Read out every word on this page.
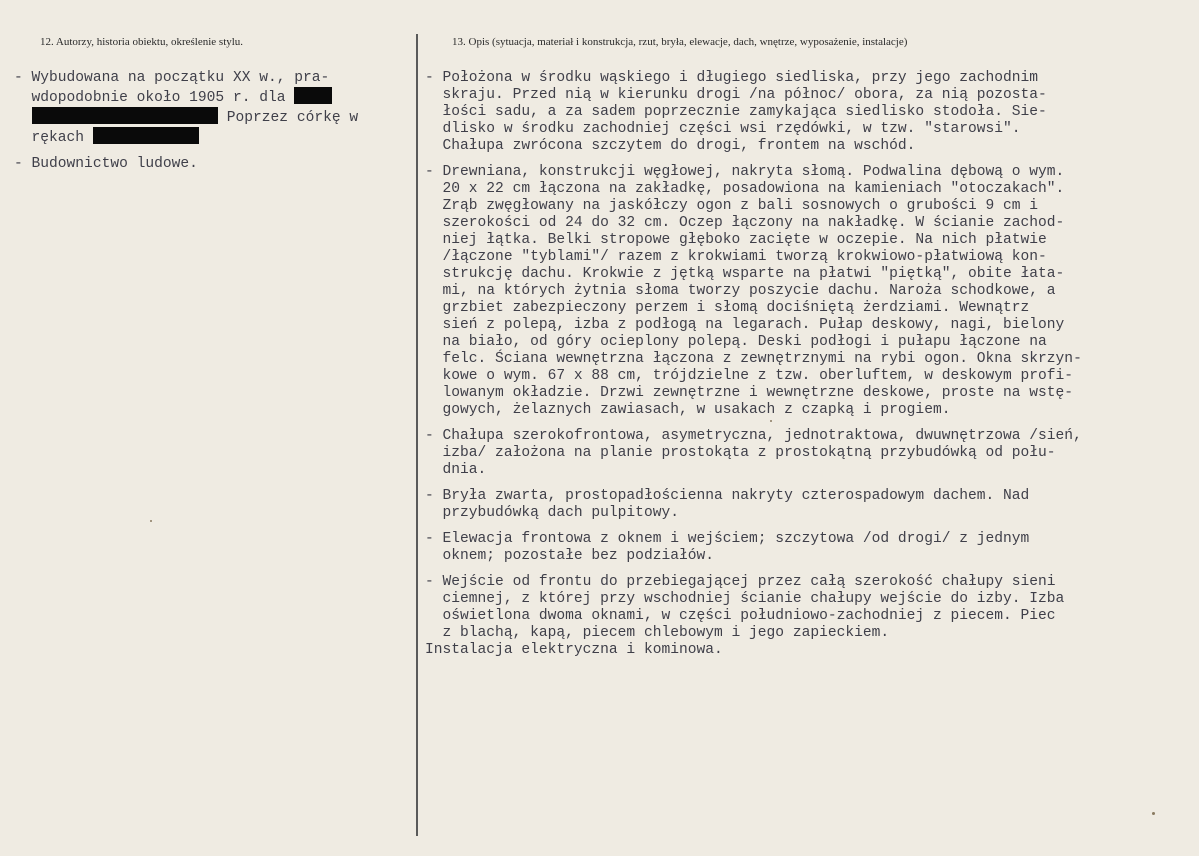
12. Autorzy, historia obiektu, określenie stylu.	13. Opis (sytuacja, materiał i konstrukcja, rzut, bryła, elewacje, dach, wnętrze, wyposażenie, instalacje)
- Wybudowana na początku XX w., pra-
wdopodobnie około 1905 r. dla
Poprzez córkę w
rękach
- Budownictwo ludowe.
- Położona w środku wąskiego i długiego siedliska, przy jego zachodnim
skraju. Przed nią w kierunku drogi /na północ/ obora, za nią pozosta-
łości sadu, a za sadem poprzecznie zamykająca siedlisko stodoła. Sie-
dlisko w środku zachodniej części wsi rzędówki, w tzw. "starowsi".
Chałupa zwrócona szczytem do drogi, frontem na wschód.
- Drewniana, konstrukcji węgłowej, nakryta słomą. Podwalina dębową o wym.
20 x 22 cm łączona na zakładkę, posadowiona na kamieniach "otoczakach".
Zrąb zwęgłowany na jaskółczy ogon z bali sosnowych o grubości 9 cm i
szerokości od 24 do 32 cm. Oczep łączony na nakładkę. W ścianie zachod-
niej łątka. Belki stropowe głęboko zacięte w oczepie. Na nich płatwie
/łączone "tyblami"/ razem z krokwiami tworzą krokwiowo-płatwiową kon-
strukcję dachu. Krokwie z jętką wsparte na płatwi "piętką", obite łata-
mi, na których żytnia słoma tworzy poszycie dachu. Naroża schodkowe, a
grzbiet zabezpieczony perzem i słomą dociśniętą żerdziami. Wewnątrz
sień z polepą, izba z podłogą na legarach. Pułap deskowy, nagi, bielony
na biało, od góry ocieplony polepą. Deski podłogi i pułapu łączone na
felc. Ściana wewnętrzna łączona z zewnętrznymi na rybi ogon. Okna skrzyn-
kowe o wym. 67 x 88 cm, trójdzielne z tzw. oberluftem, w deskowym profi-
lowanym okładzie. Drzwi zewnętrzne i wewnętrzne deskowe, proste na wstę-
gowych, żelaznych zawiasach, w usakach z czapką i progiem.
- Chałupa szerokofrontowa, asymetryczna, jednotraktowa, dwuwnętrzowa /sień,
izba/ założona na planie prostokąta z prostokątną przybudówką od połu-
dnia.
- Bryła zwarta, prostopadłościenna nakryty czterospadowym dachem. Nad
przybudówką dach pulpitowy.
- Elewacja frontowa z oknem i wejściem; szczytowa /od drogi/ z jednym
oknem; pozostałe bez podziałów.
- Wejście od frontu do przebiegającej przez całą szerokość chałupy sieni
ciemnej, z której przy wschodniej ścianie chałupy wejście do izby. Izba
oświetlona dwoma oknami, w części południowo-zachodniej z piecem. Piec
z blachą, kapą, piecem chlebowym i jego zapieckiem.
Instalacja elektryczna i kominowa.
